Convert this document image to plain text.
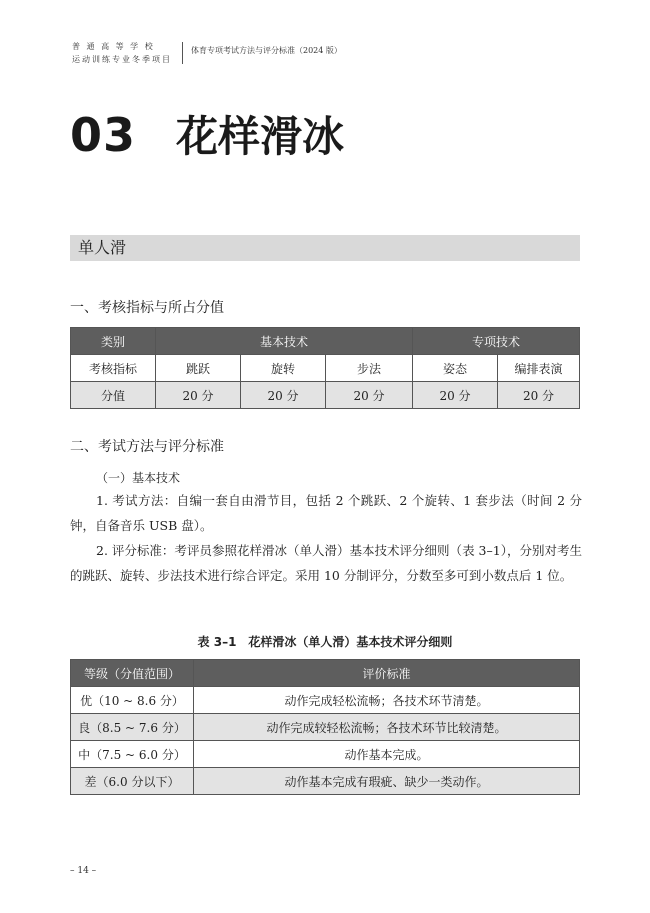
普 通 高 等 学 校
运动训练专业冬季项目
体育专项考试方法与评分标准（2024 版）
03 花样滑冰
单人滑
一、考核指标与所占分值
类别	基本技术			专项技术	
考核指标	跳跃	旋转	步法	姿态	编排表演
分值	20 分	20 分	20 分	20 分	20 分
二、考试方法与评分标准
（一）基本技术
1. 考试方法：自编一套自由滑节目，包括 2 个跳跃、2 个旋转、1 套步法（时间 2 分钟，自备音乐 USB 盘）。
2. 评分标准：考评员参照花样滑冰（单人滑）基本技术评分细则（表 3–1），分别对考生的跳跃、旋转、步法技术进行综合评定。采用 10 分制评分，分数至多可到小数点后 1 位。
表 3–1　花样滑冰（单人滑）基本技术评分细则
等级（分值范围）	评价标准
优（10 ~ 8.6 分）	动作完成轻松流畅；各技术环节清楚。
良（8.5 ~ 7.6 分）	动作完成较轻松流畅；各技术环节比较清楚。
中（7.5 ~ 6.0 分）	动作基本完成。
差（6.0 分以下）	动作基本完成有瑕疵、缺少一类动作。
– 14 –
